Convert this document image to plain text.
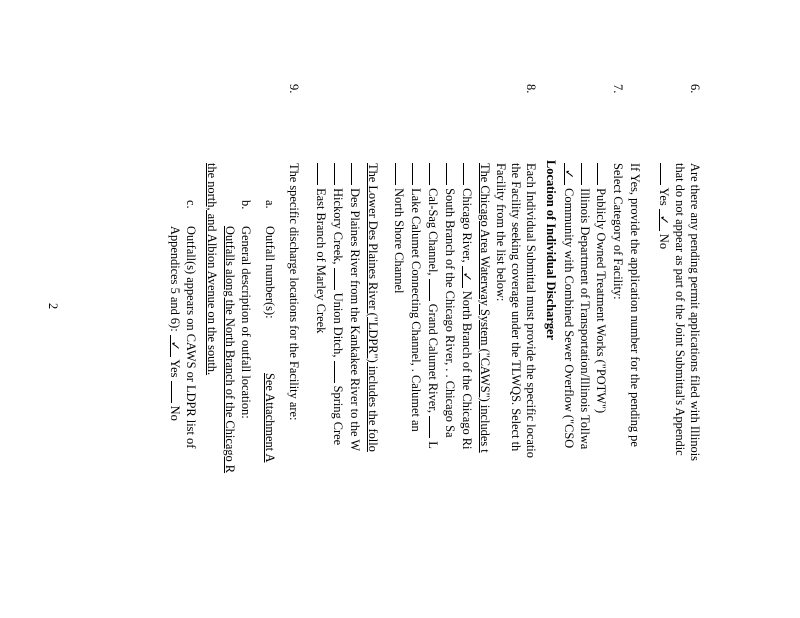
6.
Are there any pending permit applications filed with Illinois
that do not appear as part of the Joint Submittal's Appendic
Yes ✓ No
If Yes, provide the application number for the pending pe
7.
Select Category of Facility:
Publicly Owned Treatment Works ("POTW")
Illinois Department of Transportation/Illinois Tollwa
✓ Community with Combined Sewer Overflow ("CSO
Location of Individual Discharger
8.
Each Individual Submittal must provide the specific locatio
the Facility seeking coverage under the TLWQS. Select th
Facility from the list below:
The Chicago Area Waterway System ("CAWS") includes t
Chicago River, ✓ North Branch of the Chicago Ri
South Branch of the Chicago River, . . Chicago Sa
Cal-Sag Channel,  Grand Calumet River,  L
Lake Calumet Connecting Channel, . Calumet an
North Shore Channel
The Lower Des Plaines River ("LDPR") includes the follo
Des Plaines River from the Kankakee River to the W
Hickory Creek,  Union Ditch,  Spring Cree
East Branch of Marley Creek
9.
The specific discharge locations for the Facility are:
a.
Outfall number(s):
See Attachment A
b.
General description of outfall location:
Outfalls along the North Branch of the Chicago R
the north, and Albion Avenue on the south.
c.
Outfall(s) appears on CAWS or LDPR list of
Appendices 5 and 6): ✓ Yes  No
2
